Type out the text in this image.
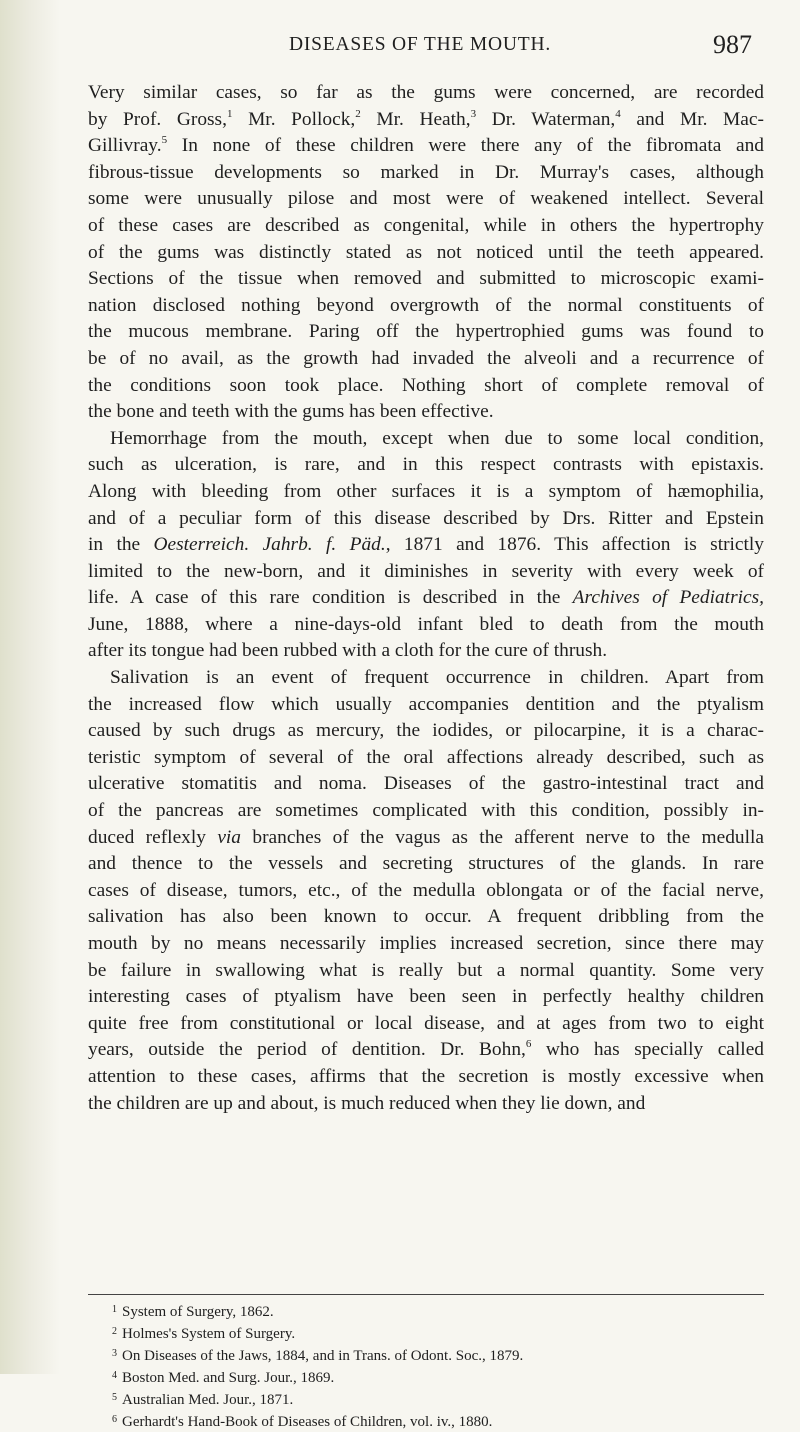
DISEASES OF THE MOUTH.	987
Very similar cases, so far as the gums were concerned, are recorded
by Prof. Gross,$^1$ Mr. Pollock,$^2$ Mr. Heath,$^3$ Dr. Waterman,$^4$ and Mr. Mac-
Gillivray.$^5$ In none of these children were there any of the fibromata and
fibrous-tissue developments so marked in Dr. Murray's cases, although
some were unusually pilose and most were of weakened intellect. Several
of these cases are described as congenital, while in others the hypertrophy
of the gums was distinctly stated as not noticed until the teeth appeared.
Sections of the tissue when removed and submitted to microscopic exami-
nation disclosed nothing beyond overgrowth of the normal constituents of
the mucous membrane. Paring off the hypertrophied gums was found to
be of no avail, as the growth had invaded the alveoli and a recurrence of
the conditions soon took place. Nothing short of complete removal of
the bone and teeth with the gums has been effective.
Hemorrhage from the mouth, except when due to some local condition,
such as ulceration, is rare, and in this respect contrasts with epistaxis.
Along with bleeding from other surfaces it is a symptom of hæmophilia,
and of a peculiar form of this disease described by Drs. Ritter and Epstein
in the Oesterreich. Jahrb. f. Päd., 1871 and 1876. This affection is strictly
limited to the new-born, and it diminishes in severity with every week of
life. A case of this rare condition is described in the Archives of Pediatrics,
June, 1888, where a nine-days-old infant bled to death from the mouth
after its tongue had been rubbed with a cloth for the cure of thrush.
Salivation is an event of frequent occurrence in children. Apart from
the increased flow which usually accompanies dentition and the ptyalism
caused by such drugs as mercury, the iodides, or pilocarpine, it is a charac-
teristic symptom of several of the oral affections already described, such as
ulcerative stomatitis and noma. Diseases of the gastro-intestinal tract and
of the pancreas are sometimes complicated with this condition, possibly in-
duced reflexly via branches of the vagus as the afferent nerve to the medulla
and thence to the vessels and secreting structures of the glands. In rare
cases of disease, tumors, etc., of the medulla oblongata or of the facial nerve,
salivation has also been known to occur. A frequent dribbling from the
mouth by no means necessarily implies increased secretion, since there may
be failure in swallowing what is really but a normal quantity. Some very
interesting cases of ptyalism have been seen in perfectly healthy children
quite free from constitutional or local disease, and at ages from two to eight
years, outside the period of dentition. Dr. Bohn,$^6$ who has specially called
attention to these cases, affirms that the secretion is mostly excessive when
the children are up and about, is much reduced when they lie down, and
$^1$ System of Surgery, 1862.
$^2$ Holmes's System of Surgery.
$^3$ On Diseases of the Jaws, 1884, and in Trans. of Odont. Soc., 1879.
$^4$ Boston Med. and Surg. Jour., 1869.
$^5$ Australian Med. Jour., 1871.
$^6$ Gerhardt's Hand-Book of Diseases of Children, vol. iv., 1880.
